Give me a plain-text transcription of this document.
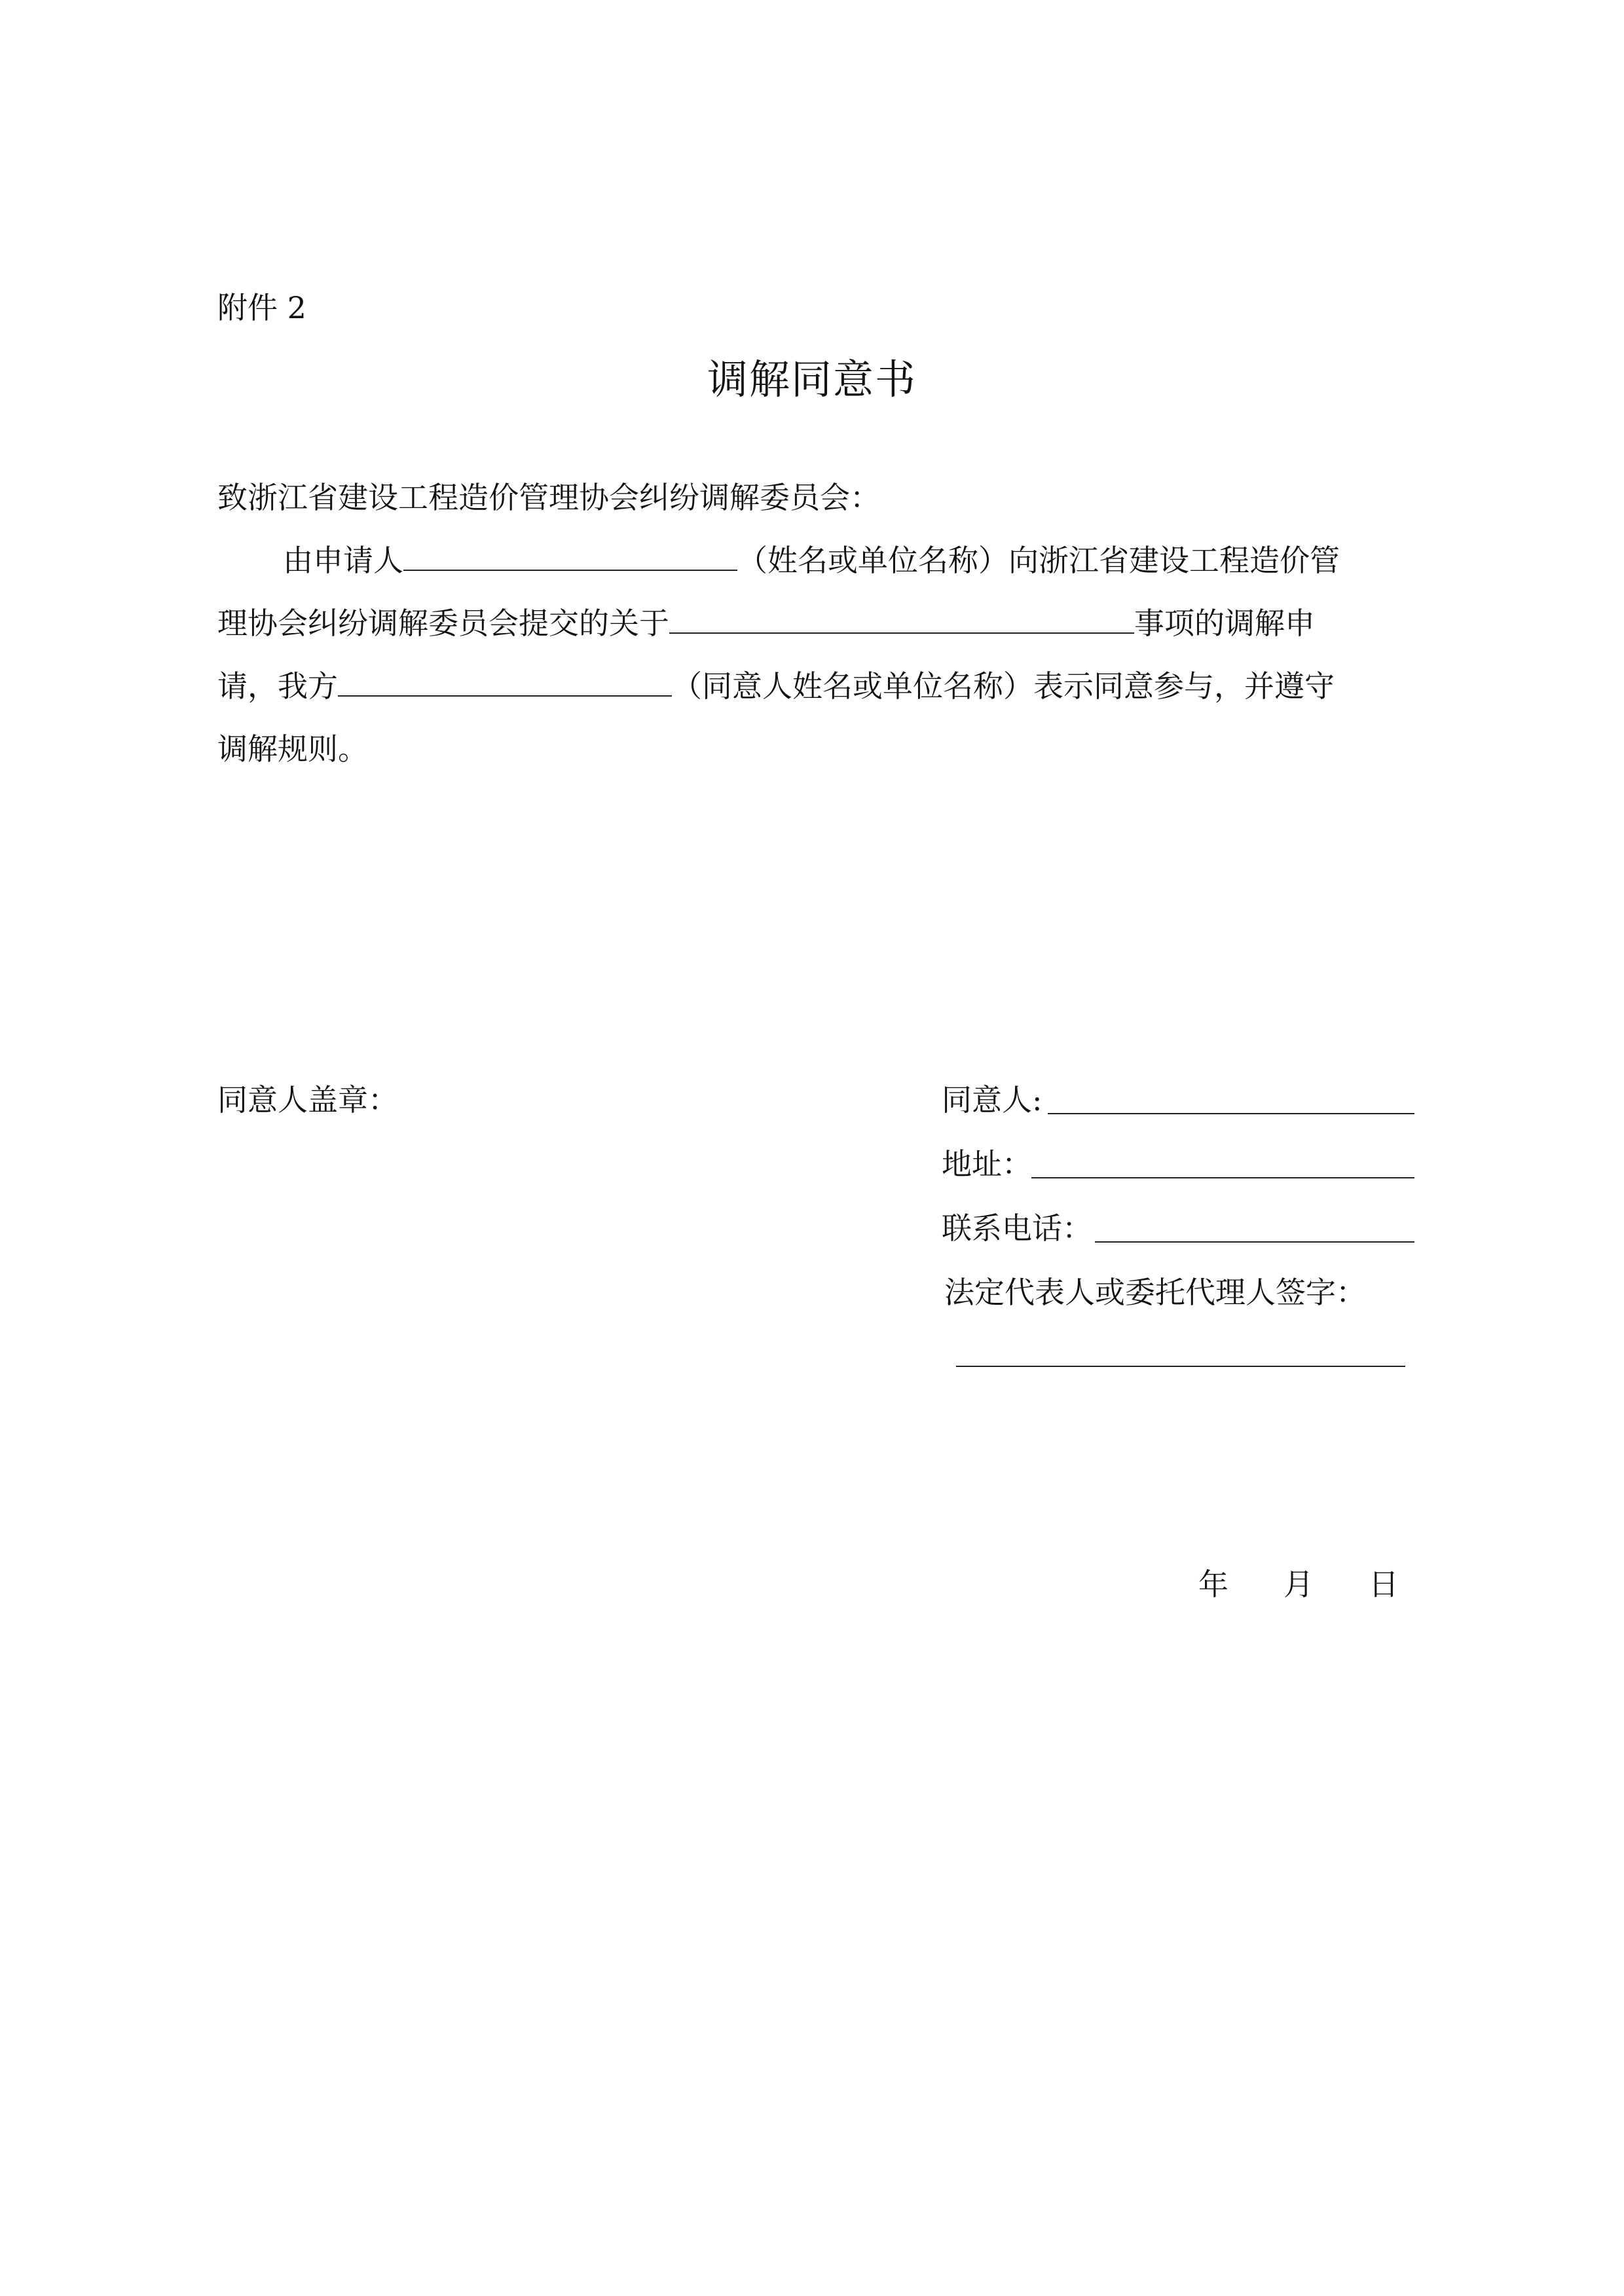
附件 2
调解同意书
致浙江省建设工程造价管理协会纠纷调解委员会：
由申请人	（姓名或单位名称）向浙江省建设工程造价管
理协会纠纷调解委员会提交的关于	事项的调解申
请，我方	（同意人姓名或单位名称）表示同意参与，并遵守
调解规则。
同意人盖章：	同意人:
地址：
联系电话：
法定代表人或委托代理人签字：
年 月 日
